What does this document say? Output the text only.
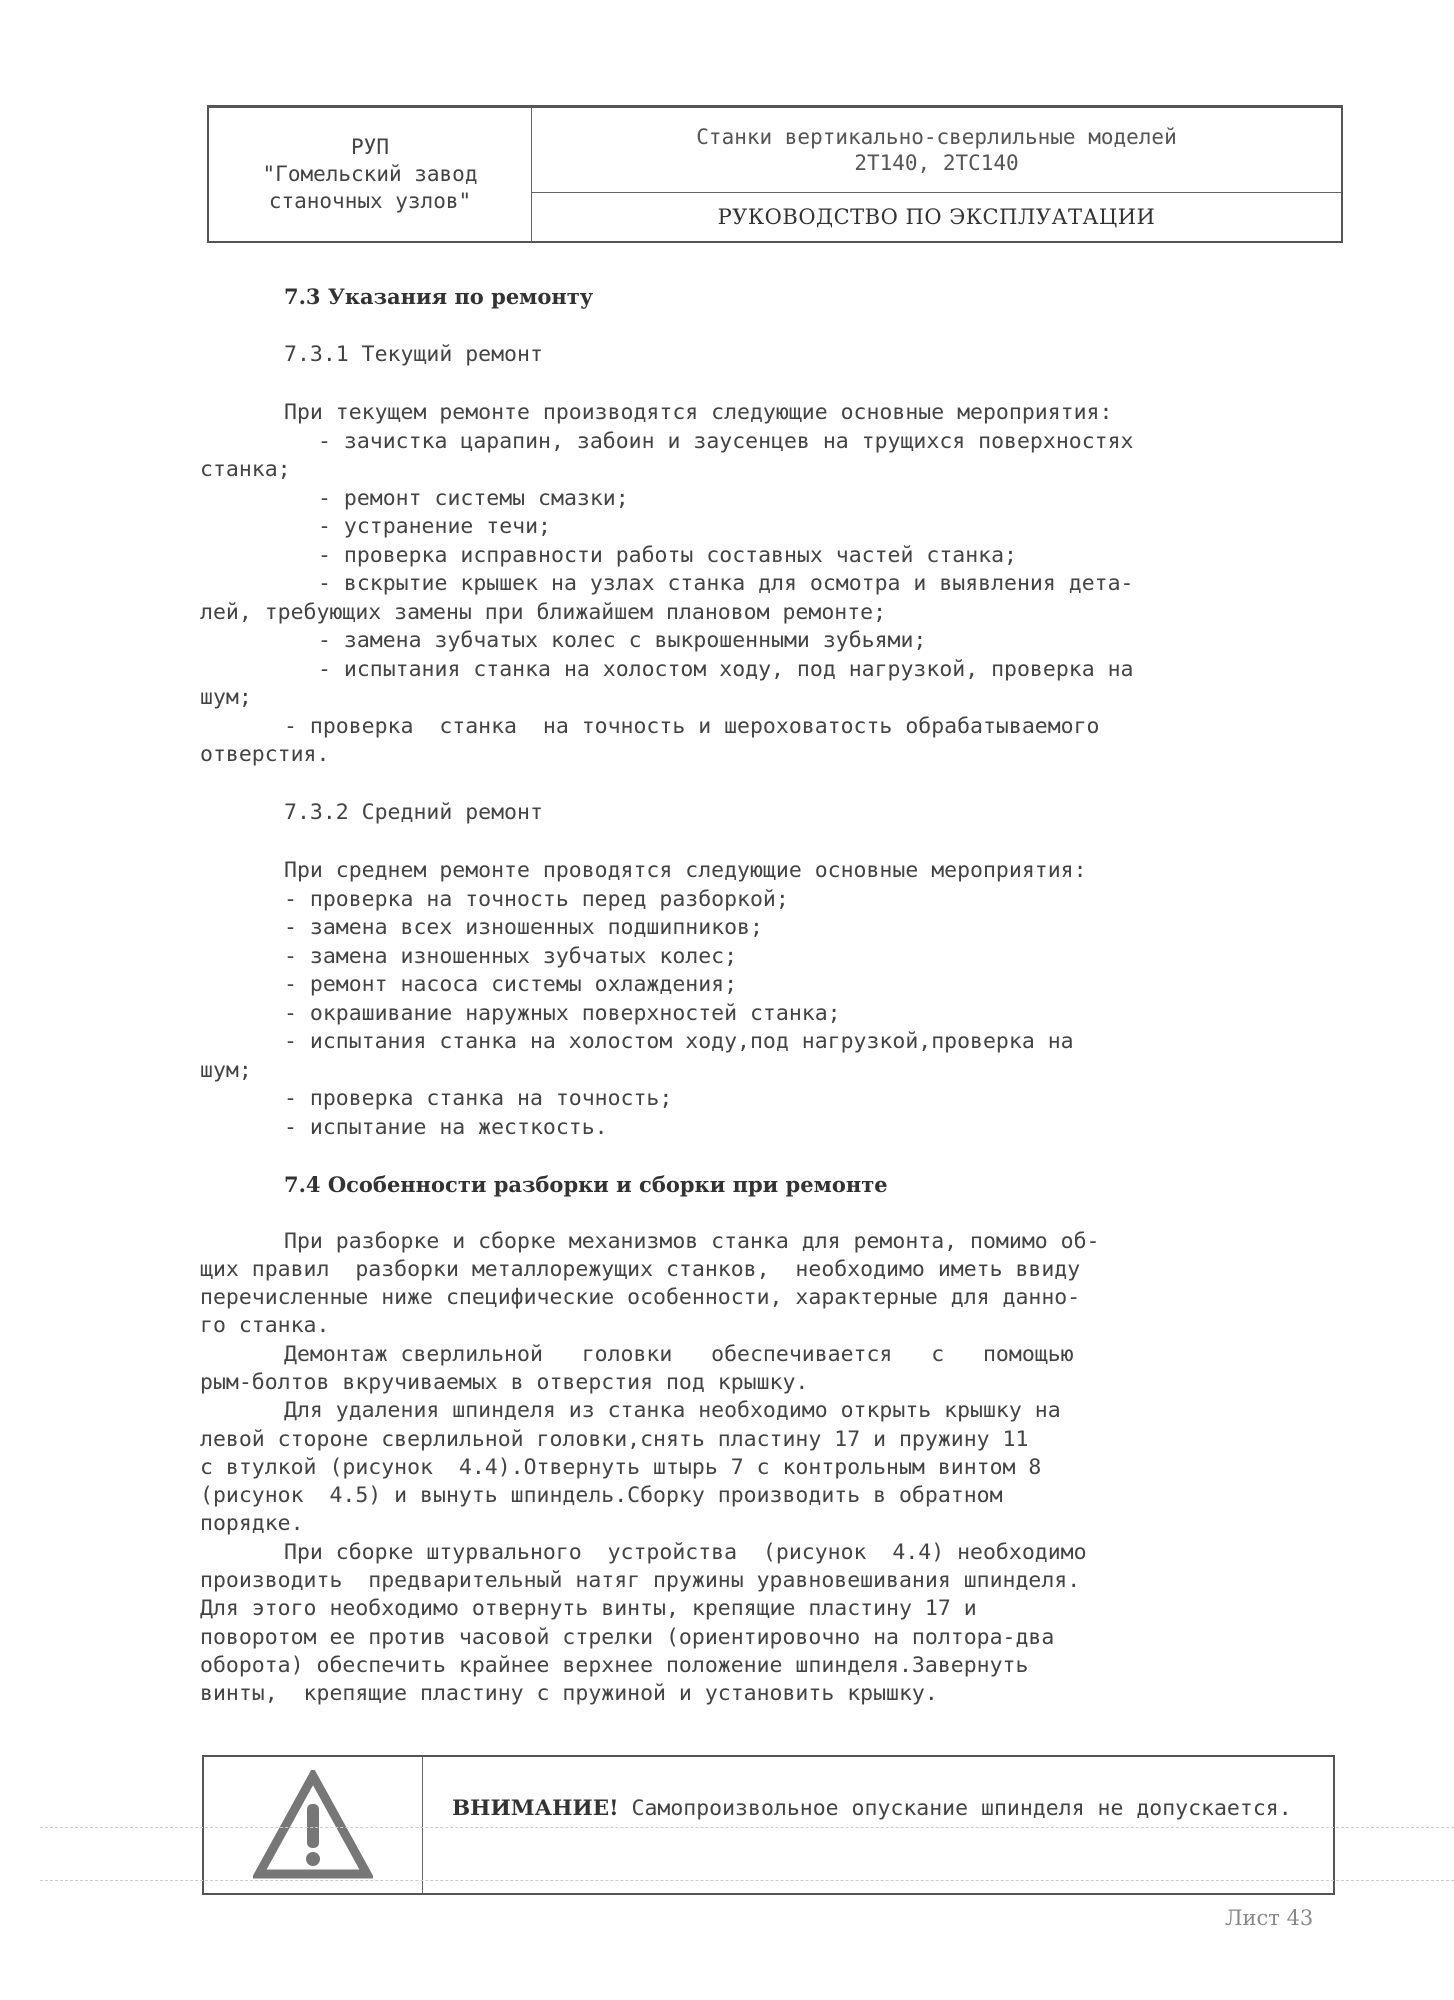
РУП
"Гомельский завод
станочных узлов"
Станки вертикально-сверлильные моделей
2Т140, 2ТС140
РУКОВОДСТВО ПО ЭКСПЛУАТАЦИИ
7.3 Указания по ремонту
7.3.1 Текущий ремонт
При текущем ремонте производятся следующие основные мероприятия:
- зачистка царапин, забоин и заусенцев на трущихся поверхностях
станка;
- ремонт системы смазки;
- устранение течи;
- проверка исправности работы составных частей станка;
- вскрытие крышек на узлах станка для осмотра и выявления дета-
лей, требующих замены при ближайшем плановом ремонте;
- замена зубчатых колес с выкрошенными зубьями;
- испытания станка на холостом ходу, под нагрузкой, проверка на
шум;
- проверка  станка  на точность и шероховатость обрабатываемого
отверстия.
7.3.2 Средний ремонт
При среднем ремонте проводятся следующие основные мероприятия:
- проверка на точность перед разборкой;
- замена всех изношенных подшипников;
- замена изношенных зубчатых колес;
- ремонт насоса системы охлаждения;
- окрашивание наружных поверхностей станка;
- испытания станка на холостом ходу,под нагрузкой,проверка на
шум;
- проверка станка на точность;
- испытание на жесткость.
7.4 Особенности разборки и сборки при ремонте
При разборке и сборке механизмов станка для ремонта, помимо об-
щих правил  разборки металлорежущих станков,  необходимо иметь ввиду
перечисленные ниже специфические особенности, характерные для данно-
го станка.
Демонтаж сверлильной   головки   обеспечивается   с   помощью
рым-болтов вкручиваемых в отверстия под крышку.
Для удаления шпинделя из станка необходимо открыть крышку на
левой стороне сверлильной головки,снять пластину 17 и пружину 11
с втулкой (рисунок  4.4).Отвернуть штырь 7 с контрольным винтом 8
(рисунок  4.5) и вынуть шпиндель.Сборку производить в обратном
порядке.
При сборке штурвального  устройства  (рисунок  4.4) необходимо
производить  предварительный натяг пружины уравновешивания шпинделя.
Для этого необходимо отвернуть винты, крепящие пластину 17 и
поворотом ее против часовой стрелки (ориентировочно на полтора-два
оборота) обеспечить крайнее верхнее положение шпинделя.Завернуть
винты,  крепящие пластину с пружиной и установить крышку.
ВНИМАНИЕ! Самопроизвольное опускание шпинделя не допускается.
Лист 43
